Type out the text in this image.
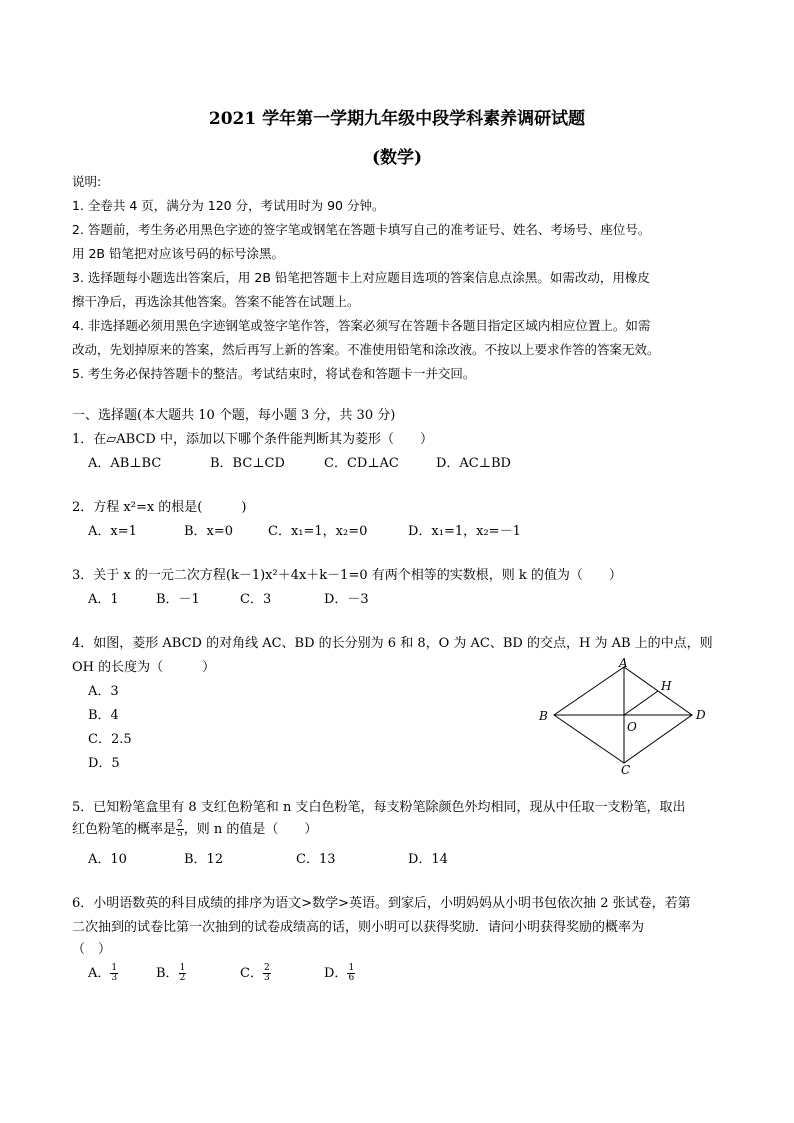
2021 学年第一学期九年级中段学科素养调研试题
(数学)
说明:
1. 全卷共 4 页，满分为 120 分，考试用时为 90 分钟。
2. 答题前，考生务必用黑色字迹的签字笔或钢笔在答题卡填写自己的准考证号、姓名、考场号、座位号。
用 2B 铅笔把对应该号码的标号涂黑。
3. 选择题每小题选出答案后，用 2B 铅笔把答题卡上对应题目选项的答案信息点涂黑。如需改动，用橡皮
擦干净后，再选涂其他答案。答案不能答在试题上。
4. 非选择题必须用黑色字迹钢笔或签字笔作答，答案必须写在答题卡各题目指定区域内相应位置上。如需
改动，先划掉原来的答案，然后再写上新的答案。不准使用铅笔和涂改液。不按以上要求作答的答案无效。
5. 考生务必保持答题卡的整洁。考试结束时，将试卷和答题卡一并交回。
一、选择题(本大题共 10 个题，每小题 3 分，共 30 分)
1．在▱ABCD 中，添加以下哪个条件能判断其为菱形（　　）
A．AB⊥BC	B．BC⊥CD	C．CD⊥AC	D．AC⊥BD
2．方程 x²=x 的根是(　　　)
A．x=1	B．x=0	C．x₁=1，x₂=0	D．x₁=1，x₂=－1
3．关于 x 的一元二次方程(k－1)x²＋4x＋k－1=0 有两个相等的实数根，则 k 的值为（　　）
A．1	B．－1	C．3	D．－3
4．如图，菱形 ABCD 的对角线 AC、BD 的长分别为 6 和 8，O 为 AC、BD 的交点，H 为 AB 上的中点，则
OH 的长度为（　　　）
A．3
B．4
C．2.5
D．5
A
H
B	D
O
C
5．已知粉笔盒里有 8 支红色粉笔和 n 支白色粉笔，每支粉笔除颜色外均相同，现从中任取一支粉笔，取出
红色粉笔的概率是 $\frac{2}{5}$ ，则 n 的值是（　　）
A．10	B．12	C．13	D．14
6．小明语数英的科目成绩的排序为语文>数学>英语。到家后，小明妈妈从小明书包依次抽 2 张试卷，若第
二次抽到的试卷比第一次抽到的试卷成绩高的话，则小明可以获得奖励．请问小明获得奖励的概率为
（　）
A． $\frac{1}{3}$	B． $\frac{1}{2}$	C． $\frac{2}{3}$	D． $\frac{1}{6}$
